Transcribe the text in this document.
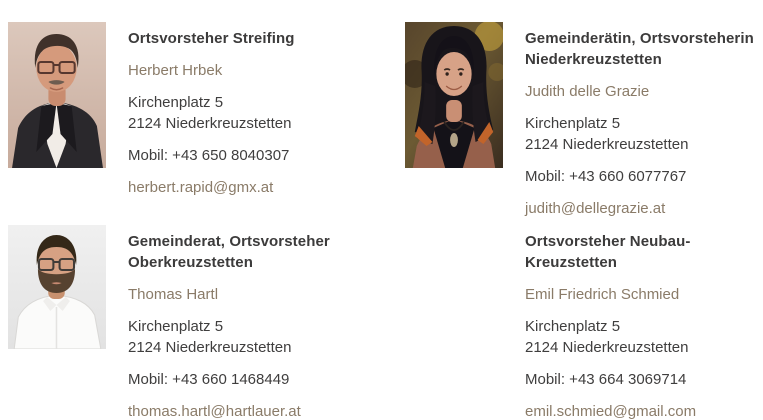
Ortsvorsteher Streifing

Herbert Hrbek

Kirchenplatz 5
2124 Niederkreuzstetten

Mobil: +43 650 8040307

herbert.rapid@gmx.at

Gemeinderätin, Ortsvorsteherin Niederkreuzstetten

Judith delle Grazie

Kirchenplatz 5
2124 Niederkreuzstetten

Mobil: +43 660 6077767

judith@dellegrazie.at

Gemeinderat, Ortsvorsteher Oberkreuzstetten

Thomas Hartl

Kirchenplatz 5
2124 Niederkreuzstetten

Mobil: +43 660 1468449

thomas.hartl@hartlauer.at

Ortsvorsteher Neubau-Kreuzstetten

Emil Friedrich Schmied

Kirchenplatz 5
2124 Niederkreuzstetten

Mobil: +43 664 3069714

emil.schmied@gmail.com
